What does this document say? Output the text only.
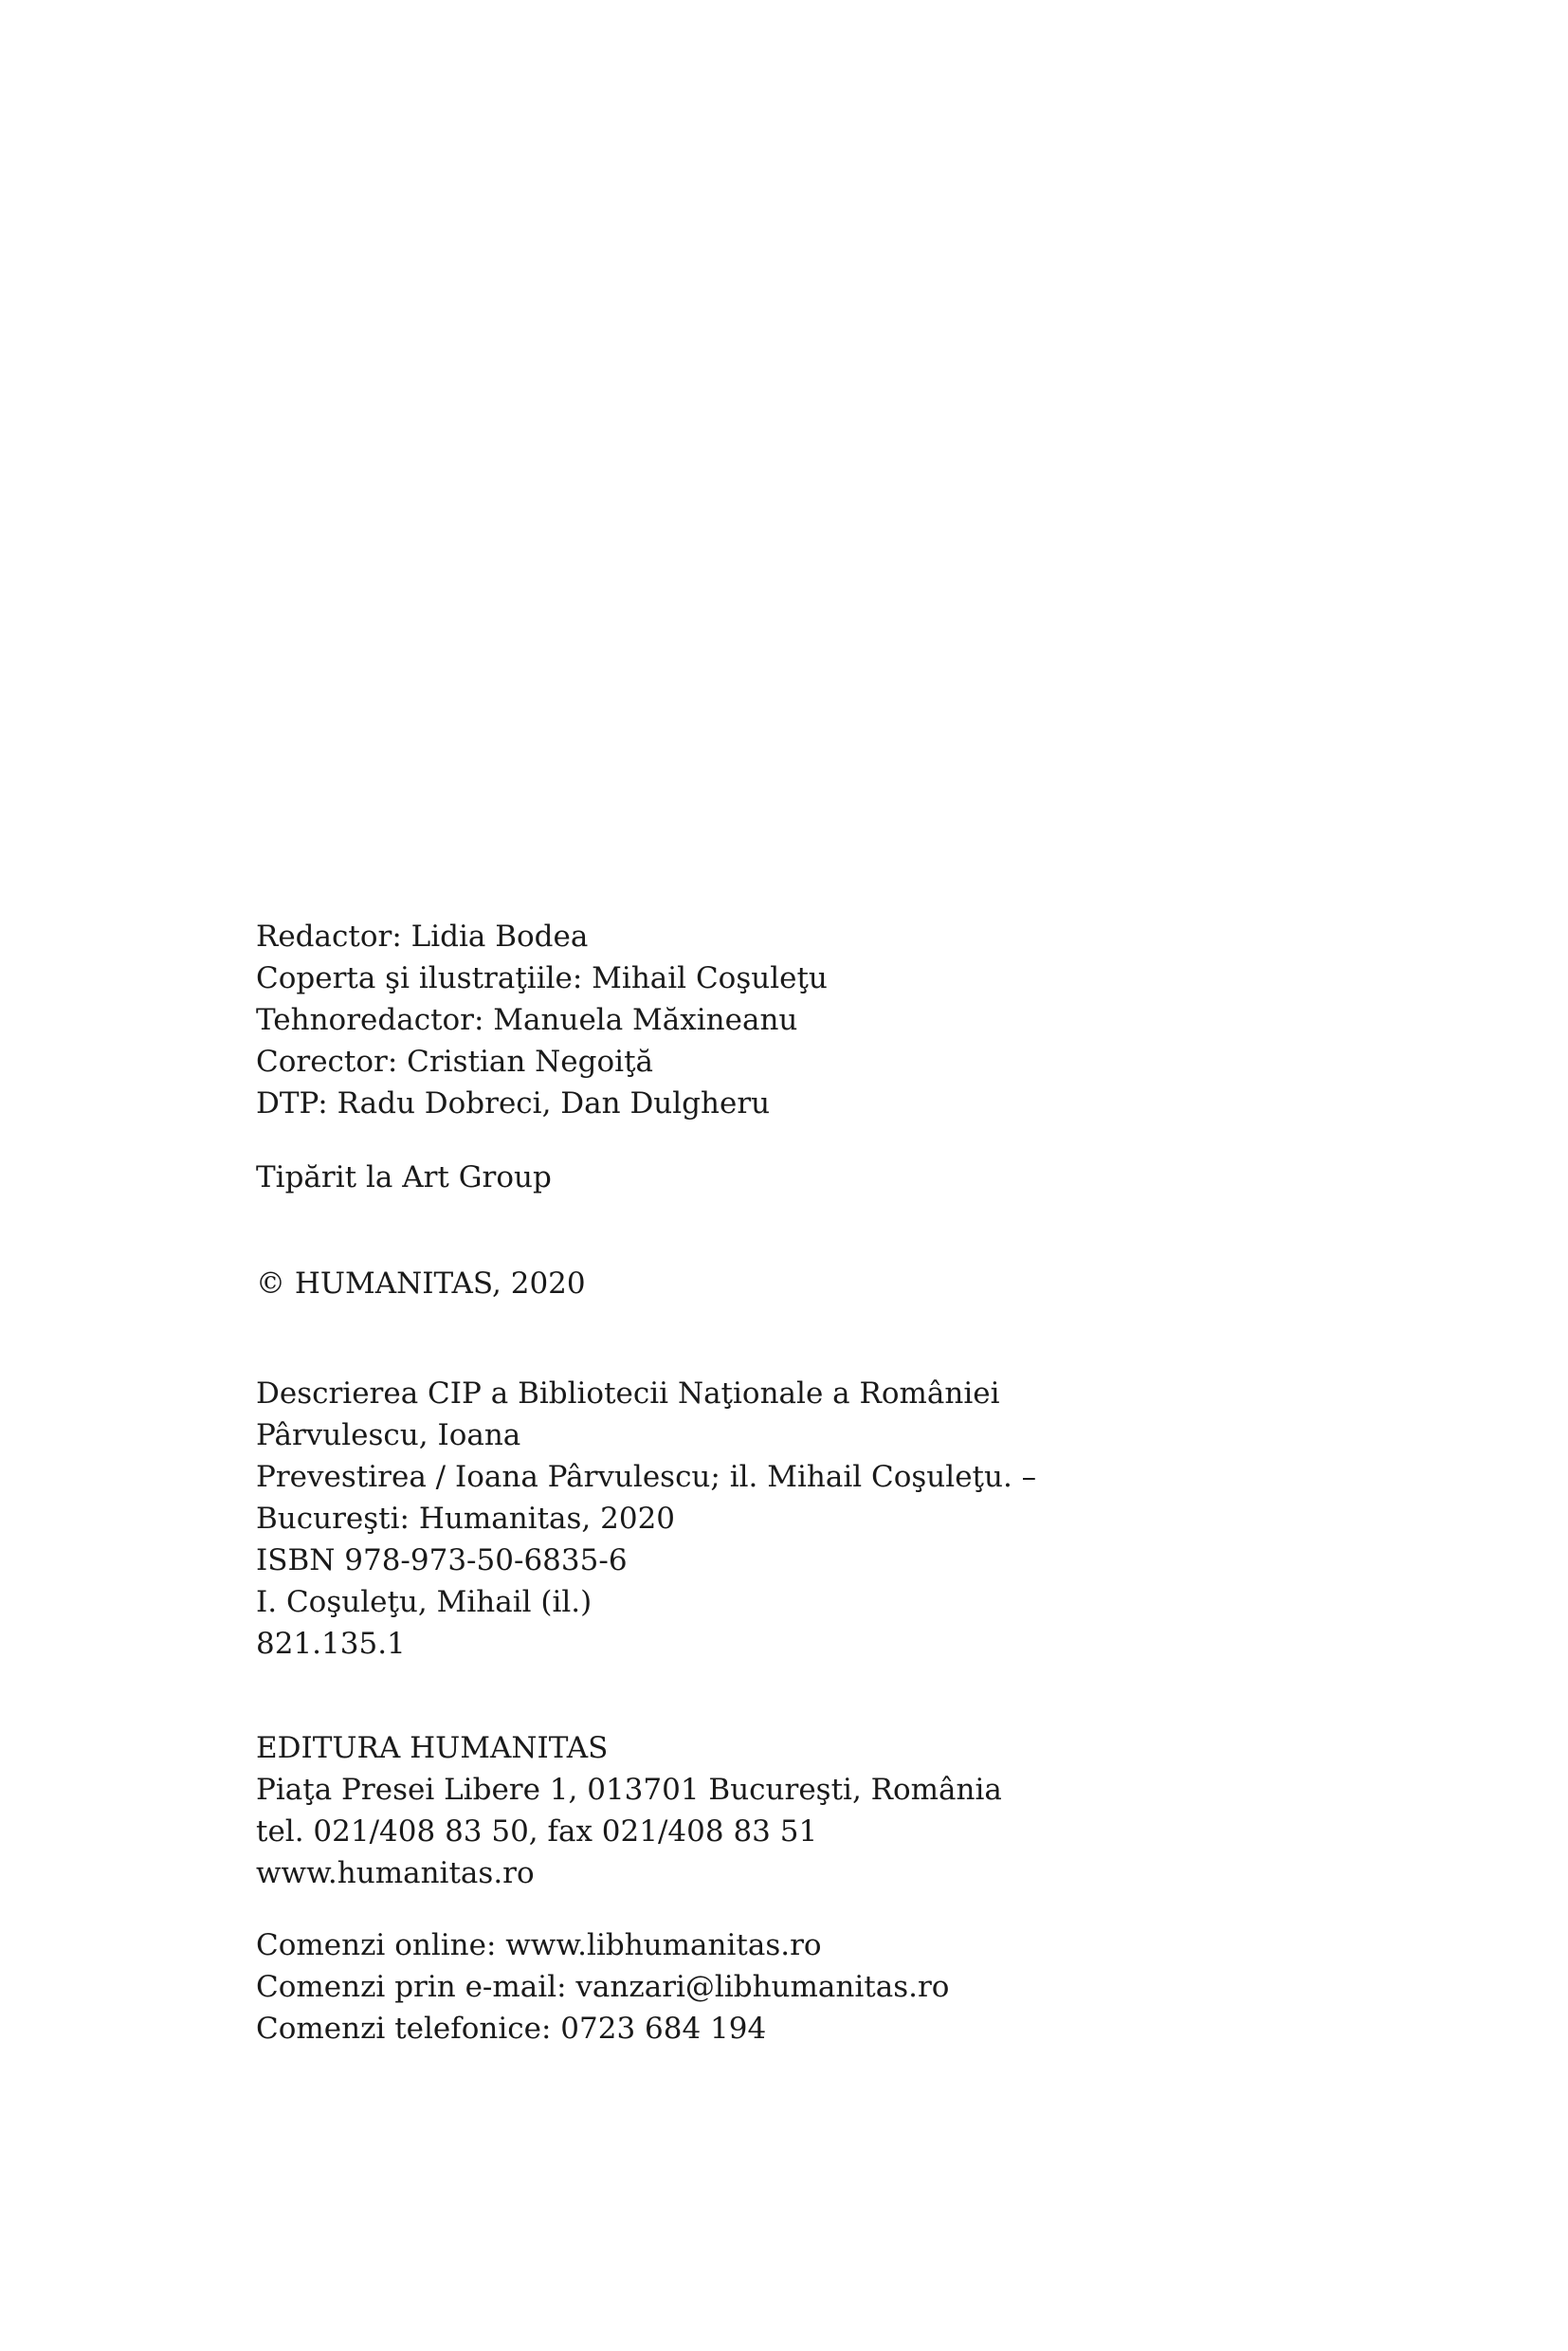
Redactor: Lidia Bodea
Coperta şi ilustraţiile: Mihail Coşuleţu
Tehnoredactor: Manuela Măxineanu
Corector: Cristian Negoiţă
DTP: Radu Dobreci, Dan Dulgheru
Tipărit la Art Group
© HUMANITAS, 2020
Descrierea CIP a Bibliotecii Naţionale a României
Pârvulescu, Ioana
Prevestirea / Ioana Pârvulescu; il. Mihail Coşuleţu. –
Bucureşti: Humanitas, 2020
ISBN 978-973-50-6835-6
I. Coşuleţu, Mihail (il.)
821.135.1
EDITURA HUMANITAS
Piaţa Presei Libere 1, 013701 Bucureşti, România
tel. 021/408 83 50, fax 021/408 83 51
www.humanitas.ro
Comenzi online: www.libhumanitas.ro
Comenzi prin e-mail: vanzari@libhumanitas.ro
Comenzi telefonice: 0723 684 194
